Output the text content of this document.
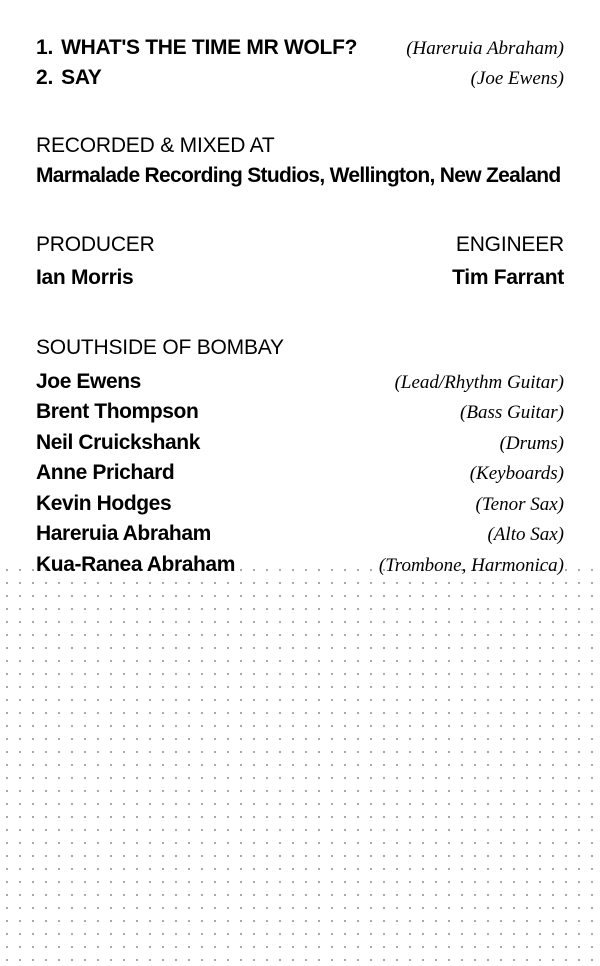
1. WHAT'S THE TIME MR WOLF?	(Hareruia Abraham)
2. SAY	(Joe Ewens)
RECORDED & MIXED AT
Marmalade Recording Studios, Wellington, New Zealand
PRODUCER
Ian Morris
ENGINEER
Tim Farrant
SOUTHSIDE OF BOMBAY
Joe Ewens	(Lead/Rhythm Guitar)
Brent Thompson	(Bass Guitar)
Neil Cruickshank	(Drums)
Anne Prichard	(Keyboards)
Kevin Hodges	(Tenor Sax)
Hareruia Abraham	(Alto Sax)
Kua-Ranea Abraham	(Trombone, Harmonica)
